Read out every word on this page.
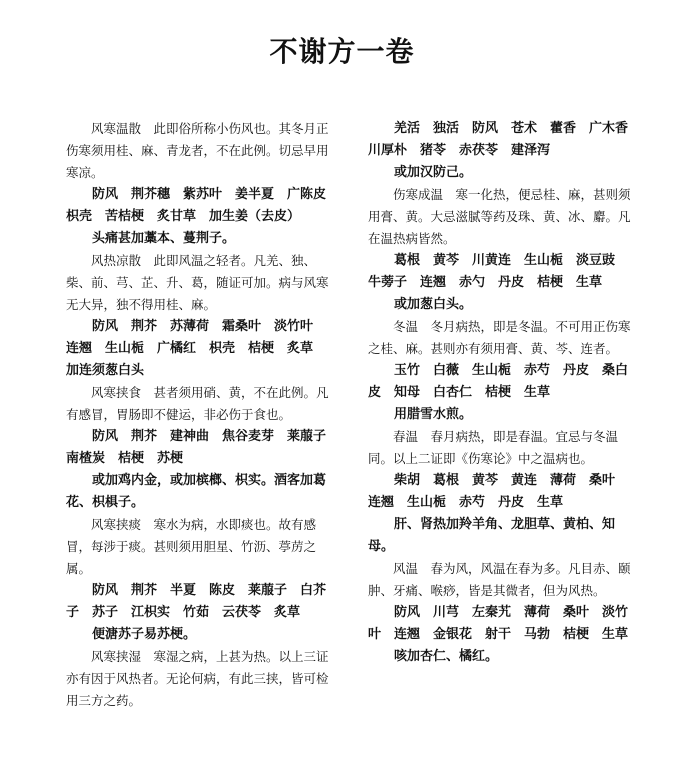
不谢方一卷

风寒温散　此即俗所称小伤风也。其冬月正伤寒须用桂、麻、青龙者，不在此例。切忌早用寒凉。

防风　荆芥穗　紫苏叶　姜半夏　广陈皮　枳壳　苦桔梗　炙甘草　加生姜（去皮）

头痛甚加藁本、蔓荆子。

风热凉散　此即风温之轻者。凡羌、独、柴、前、芎、芷、升、葛，随证可加。病与风寒无大异，独不得用桂、麻。

防风　荆芥　苏薄荷　霜桑叶　淡竹叶　连翘　生山栀　广橘红　枳壳　桔梗　炙草　加连须葱白头

风寒挟食　甚者须用硝、黄，不在此例。凡有感冒，胃肠即不健运，非必伤于食也。

防风　荆芥　建神曲　焦谷麦芽　莱菔子　南楂炭　桔梗　苏梗

或加鸡内金，或加槟榔、枳实。酒客加葛花、枳椇子。

风寒挟痰　寒水为病，水即痰也。故有感冒，每涉于痰。甚则须用胆星、竹沥、葶苈之属。

防风　荆芥　半夏　陈皮　莱菔子　白芥子　苏子　江枳实　竹茹　云茯苓　炙草

便溏苏子易苏梗。

风寒挟湿　寒湿之病，上甚为热。以上三证亦有因于风热者。无论何病，有此三挟，皆可检用三方之药。

羌活　独活　防风　苍术　藿香　广木香　川厚朴　猪苓　赤茯苓　建泽泻

或加汉防己。

伤寒成温　寒一化热，便忌桂、麻，甚则须用膏、黄。大忌滋腻等药及珠、黄、冰、麝。凡在温热病皆然。

葛根　黄芩　川黄连　生山栀　淡豆豉　牛蒡子　连翘　赤勺　丹皮　桔梗　生草

或加葱白头。

冬温　冬月病热，即是冬温。不可用正伤寒之桂、麻。甚则亦有须用膏、黄、芩、连者。

玉竹　白薇　生山栀　赤芍　丹皮　桑白皮　知母　白杏仁　桔梗　生草

用腊雪水煎。

春温　春月病热，即是春温。宜忌与冬温同。以上二证即《伤寒论》中之温病也。

柴胡　葛根　黄芩　黄连　薄荷　桑叶　连翘　生山栀　赤芍　丹皮　生草

肝、肾热加羚羊角、龙胆草、黄柏、知母。

风温　春为风，风温在春为多。凡目赤、颐肿、牙痛、喉痧，皆是其微者，但为风热。

防风　川芎　左秦艽　薄荷　桑叶　淡竹叶　连翘　金银花　射干　马勃　桔梗　生草

咳加杏仁、橘红。
